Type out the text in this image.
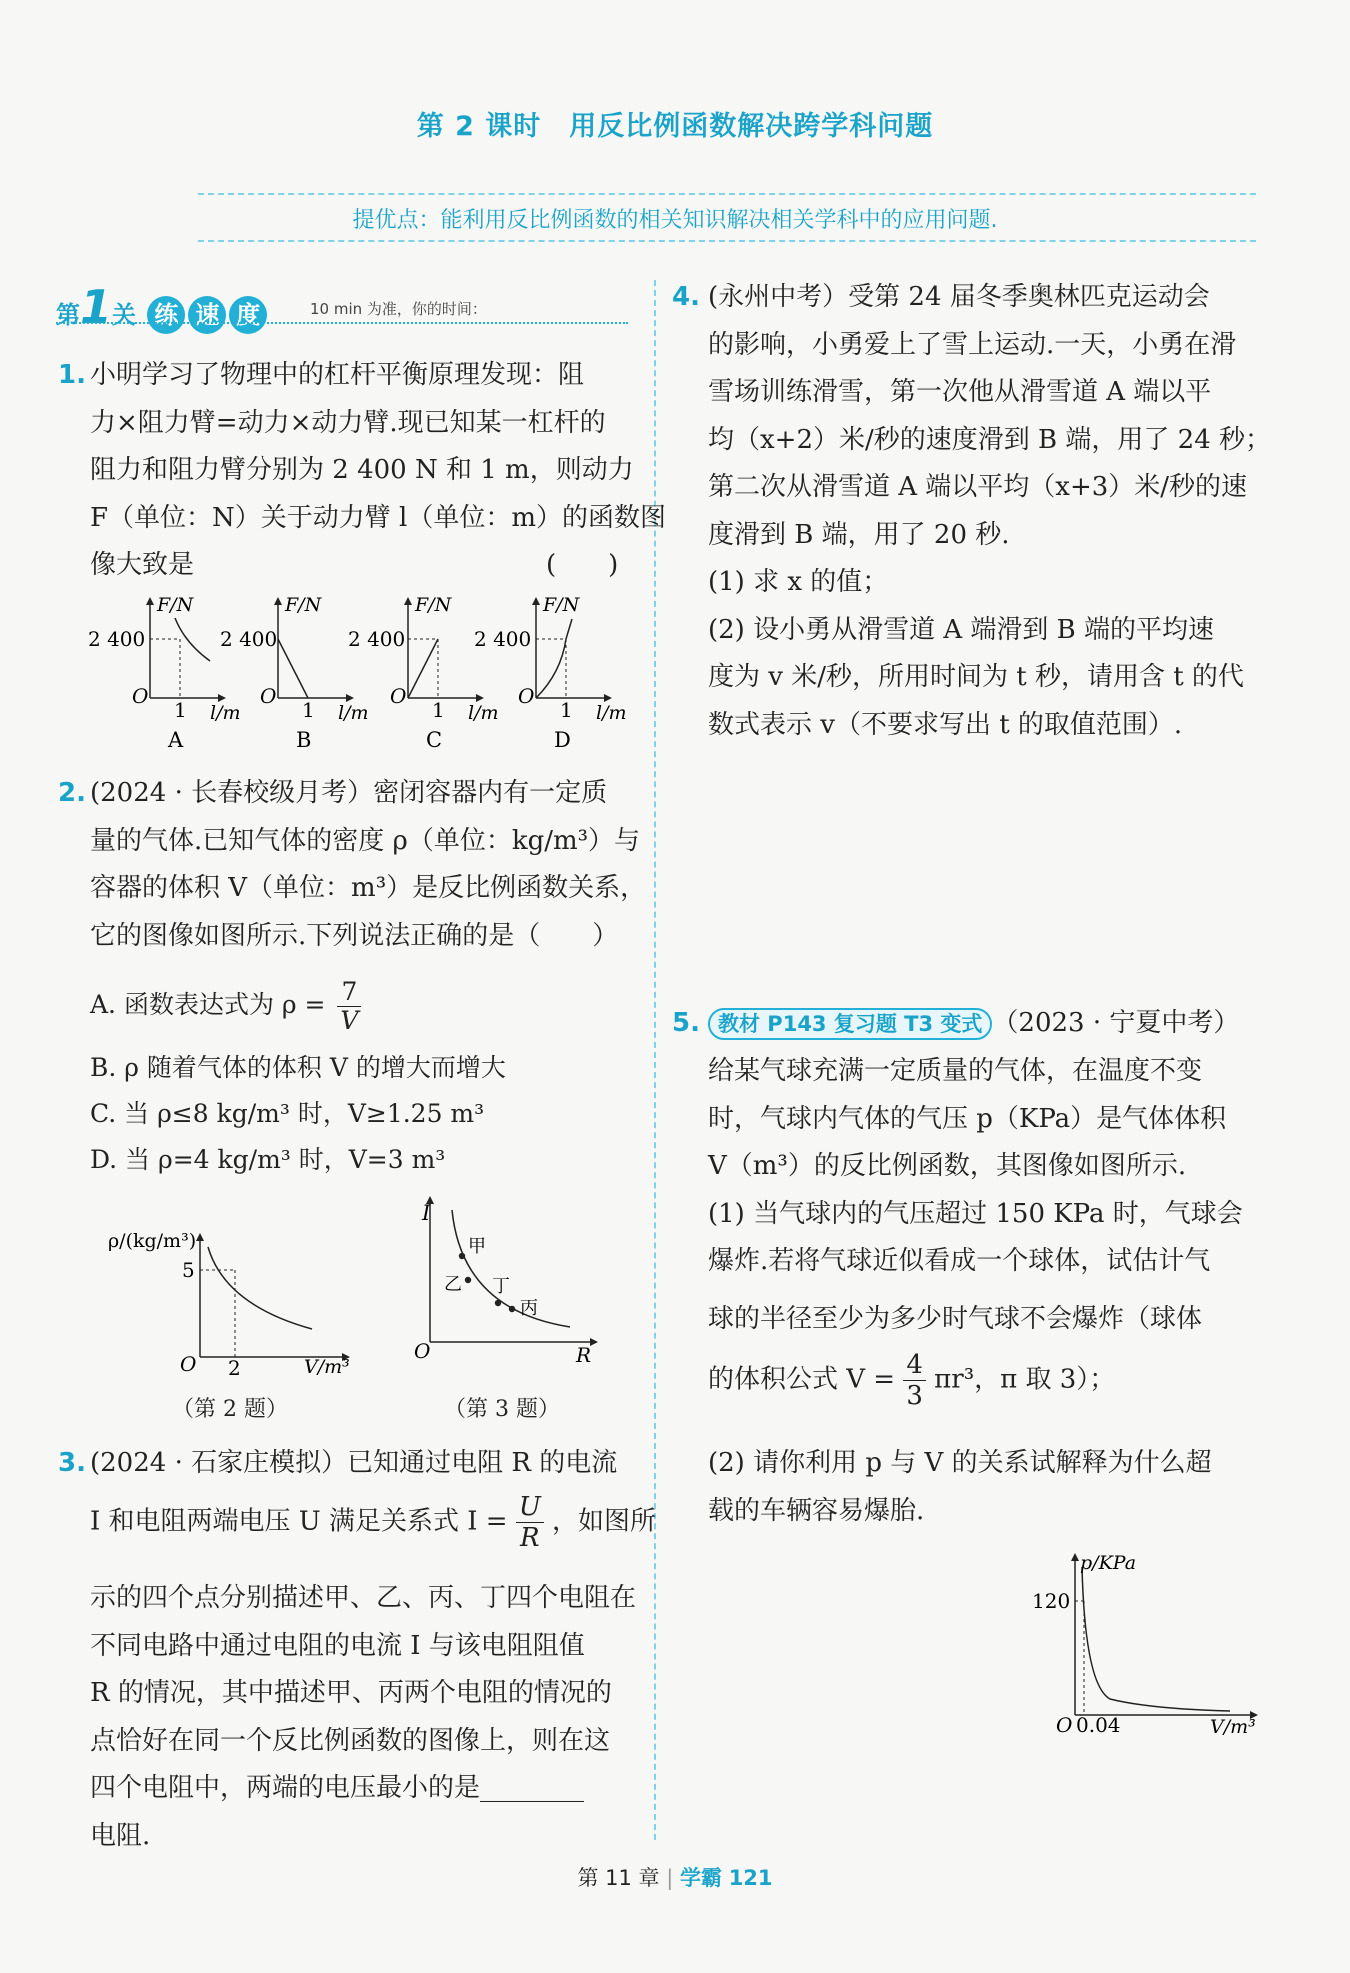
第 2 课时　用反比例函数解决跨学科问题
提优点：能利用反比例函数的相关知识解决相关学科中的应用问题.
第1关 练 速 度	10 min 为准，你的时间：
1. 小明学习了物理中的杠杆平衡原理发现：阻
力×阻力臂=动力×动力臂.现已知某一杠杆的
阻力和阻力臂分别为 2 400 N 和 1 m，则动力
F（单位：N）关于动力臂 l（单位：m）的函数图
像大致是	(　　)
F/N
2 400
O
1 l/m
A
F/N
2 400
O
1 l/m
B
F/N
2 400
O
1 l/m
C
F/N
2 400
O
1 l/m
D
2. (2024 · 长春校级月考）密闭容器内有一定质
量的气体.已知气体的密度 ρ（单位：kg/m³）与
容器的体积 V（单位：m³）是反比例函数关系，
它的图像如图所示.下列说法正确的是（　　）
A. 函数表达式为 $\rho = \frac{7}{V}$
B. ρ 随着气体的体积 V 的增大而增大
C. 当 ρ≤8 kg/m³ 时，V≥1.25 m³
D. 当 ρ=4 kg/m³ 时，V=3 m³
ρ/(kg/m³)
5
O 2	V/m³
（第 2 题）
I
O	R
甲
乙 丁
丙
（第 3 题）
3. (2024 · 石家庄模拟）已知通过电阻 R 的电流
I 和电阻两端电压 U 满足关系式 $I = \frac{U}{R}$ ，如图所
示的四个点分别描述甲、乙、丙、丁四个电阻在
不同电路中通过电阻的电流 I 与该电阻阻值
R 的情况，其中描述甲、丙两个电阻的情况的
点恰好在同一个反比例函数的图像上，则在这
四个电阻中，两端的电压最小的是________
电阻.
4. (永州中考）受第 24 届冬季奥林匹克运动会
的影响，小勇爱上了雪上运动.一天，小勇在滑
雪场训练滑雪，第一次他从滑雪道 A 端以平
均（x+2）米/秒的速度滑到 B 端，用了 24 秒；
第二次从滑雪道 A 端以平均（x+3）米/秒的速
度滑到 B 端，用了 20 秒.
(1) 求 x 的值；
(2) 设小勇从滑雪道 A 端滑到 B 端的平均速
度为 v 米/秒，所用时间为 t 秒，请用含 t 的代
数式表示 v（不要求写出 t 的取值范围）.
5. 教材 P143 复习题 T3 变式 （2023 · 宁夏中考）
给某气球充满一定质量的气体，在温度不变
时，气球内气体的气压 p（KPa）是气体体积
V（m³）的反比例函数，其图像如图所示.
(1) 当气球内的气压超过 150 KPa 时，气球会
爆炸.若将气球近似看成一个球体，试估计气
球的半径至少为多少时气球不会爆炸（球体
的体积公式 $V = \frac{4}{3} \pi r^3$，π 取 3）；
(2) 请你利用 p 与 V 的关系试解释为什么超
载的车辆容易爆胎.
p/KPa
120
O 0.04	V/m³
第 11 章 | 学霸 121
